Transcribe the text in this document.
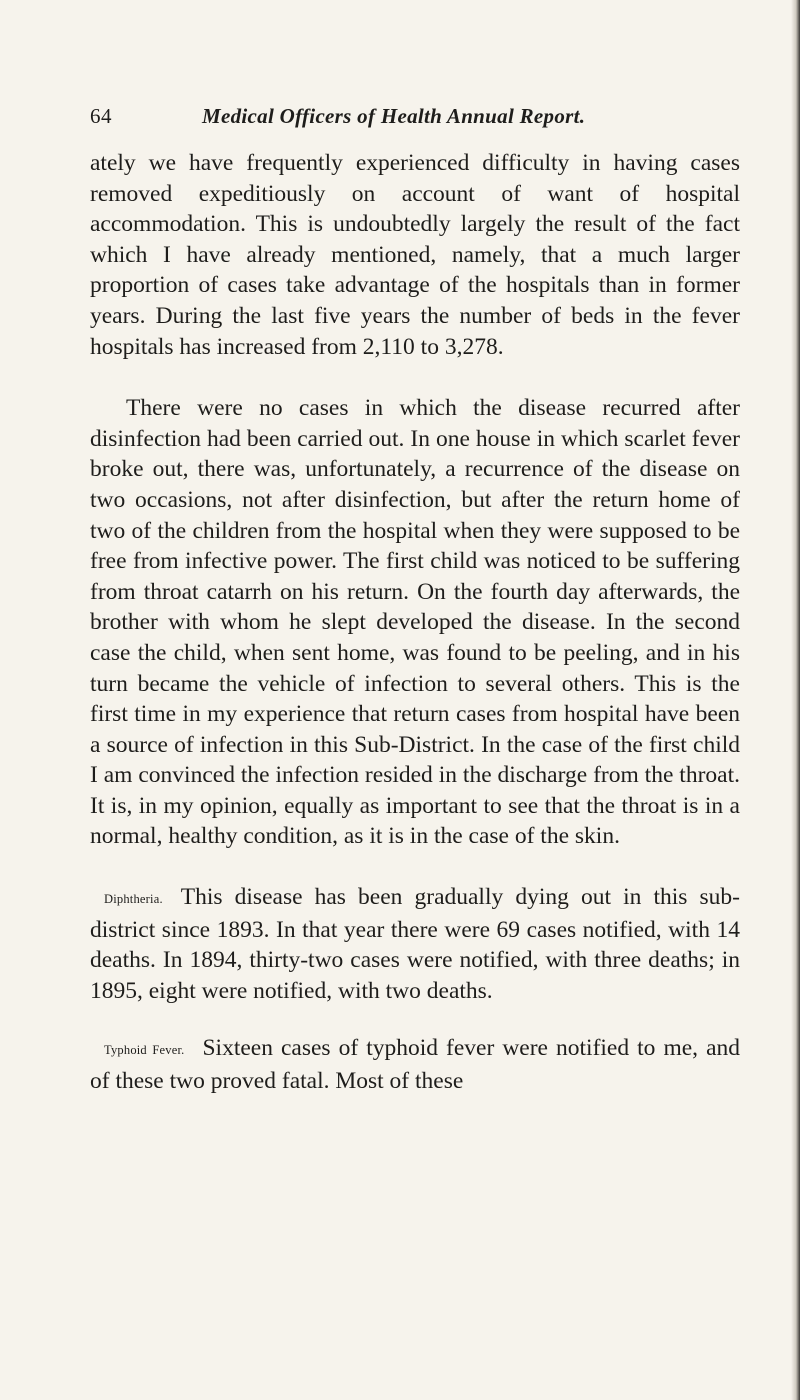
64	Medical Officers of Health Annual Report.

ately we have frequently experienced difficulty in having cases removed expeditiously on account of want of hospital accommodation. This is undoubtedly largely the result of the fact which I have already mentioned, namely, that a much larger proportion of cases take advantage of the hospitals than in former years. During the last five years the number of beds in the fever hospitals has increased from 2,110 to 3,278.

There were no cases in which the disease recurred after disinfection had been carried out. In one house in which scarlet fever broke out, there was, unfortunately, a recurrence of the disease on two occasions, not after disinfection, but after the return home of two of the children from the hospital when they were supposed to be free from infective power. The first child was noticed to be suffering from throat catarrh on his return. On the fourth day afterwards, the brother with whom he slept developed the disease. In the second case the child, when sent home, was found to be peeling, and in his turn became the vehicle of infection to several others. This is the first time in my experience that return cases from hospital have been a source of infection in this Sub-District. In the case of the first child I am convinced the infection resided in the discharge from the throat. It is, in my opinion, equally as important to see that the throat is in a normal, healthy condition, as it is in the case of the skin.

Diphtheria. This disease has been gradually dying out in this sub-district since 1893. In that year there were 69 cases notified, with 14 deaths. In 1894, thirty-two cases were notified, with three deaths; in 1895, eight were notified, with two deaths.

Typhoid Fever. Sixteen cases of typhoid fever were notified to me, and of these two proved fatal. Most of these
